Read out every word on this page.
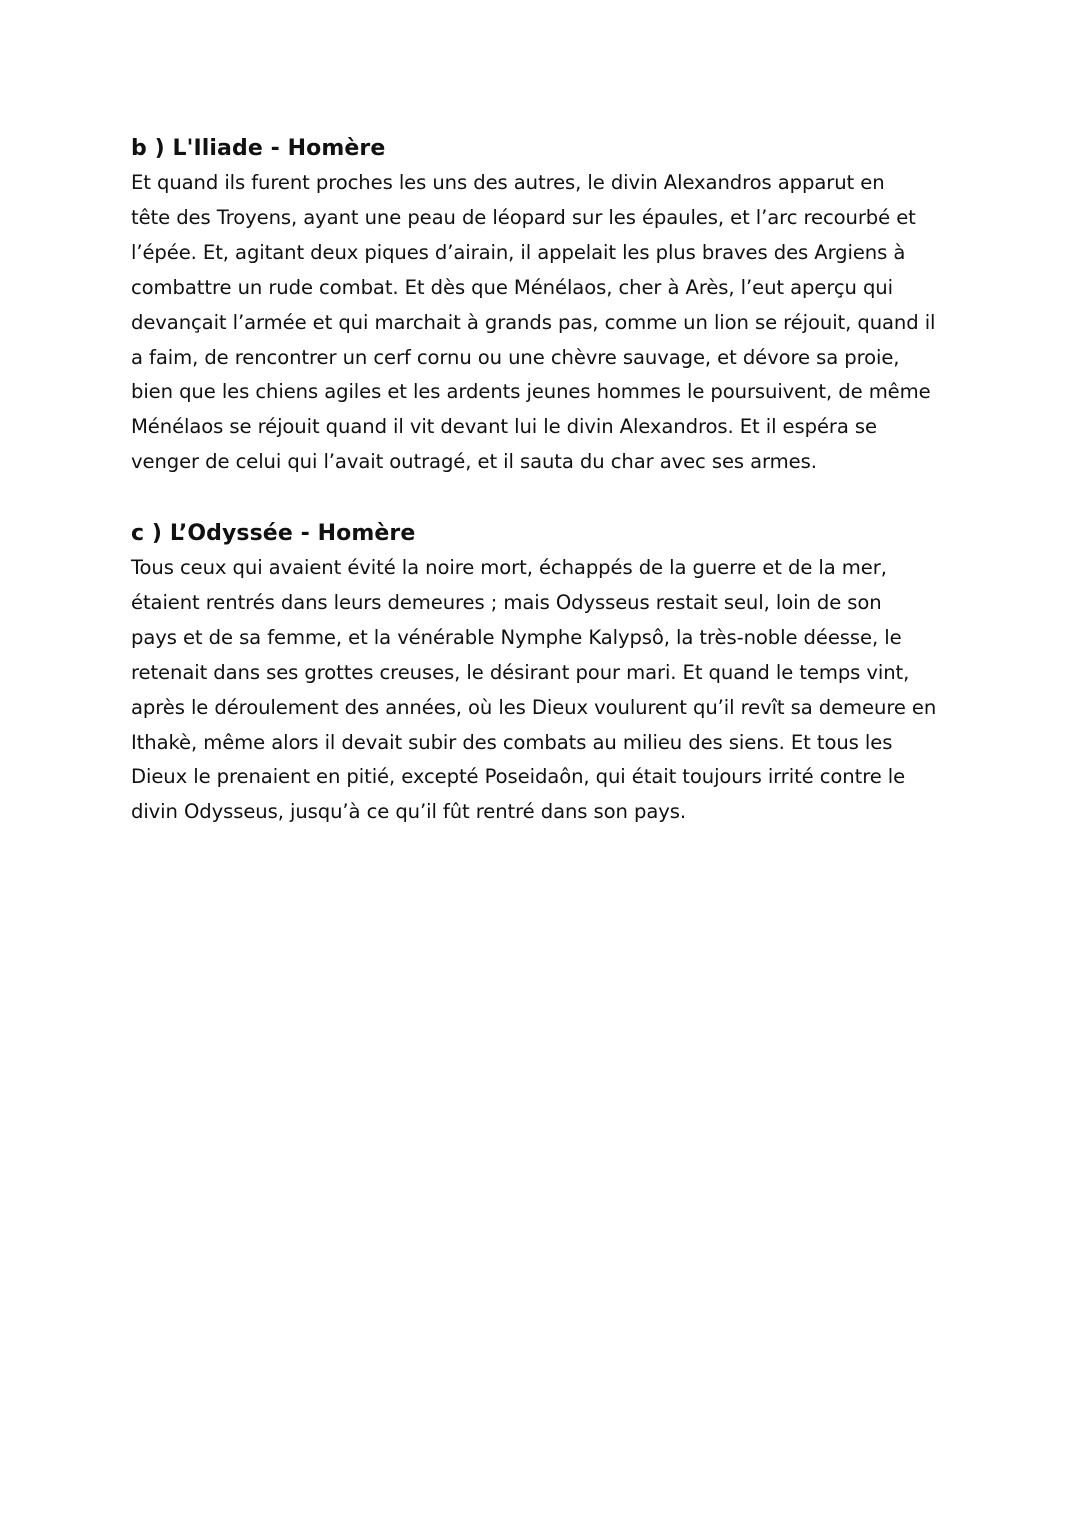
b ) L'Iliade - Homère

Et quand ils furent proches les uns des autres, le divin Alexandros apparut en
tête des Troyens, ayant une peau de léopard sur les épaules, et l’arc recourbé et
l’épée. Et, agitant deux piques d’airain, il appelait les plus braves des Argiens à
combattre un rude combat. Et dès que Ménélaos, cher à Arès, l’eut aperçu qui
devançait l’armée et qui marchait à grands pas, comme un lion se réjouit, quand il
a faim, de rencontrer un cerf cornu ou une chèvre sauvage, et dévore sa proie,
bien que les chiens agiles et les ardents jeunes hommes le poursuivent, de même
Ménélaos se réjouit quand il vit devant lui le divin Alexandros. Et il espéra se
venger de celui qui l’avait outragé, et il sauta du char avec ses armes.

c ) L’Odyssée - Homère

Tous ceux qui avaient évité la noire mort, échappés de la guerre et de la mer,
étaient rentrés dans leurs demeures ; mais Odysseus restait seul, loin de son
pays et de sa femme, et la vénérable Nymphe Kalypsô, la très-noble déesse, le
retenait dans ses grottes creuses, le désirant pour mari. Et quand le temps vint,
après le déroulement des années, où les Dieux voulurent qu’il revît sa demeure en
Ithakè, même alors il devait subir des combats au milieu des siens. Et tous les
Dieux le prenaient en pitié, excepté Poseidaôn, qui était toujours irrité contre le
divin Odysseus, jusqu’à ce qu’il fût rentré dans son pays.
